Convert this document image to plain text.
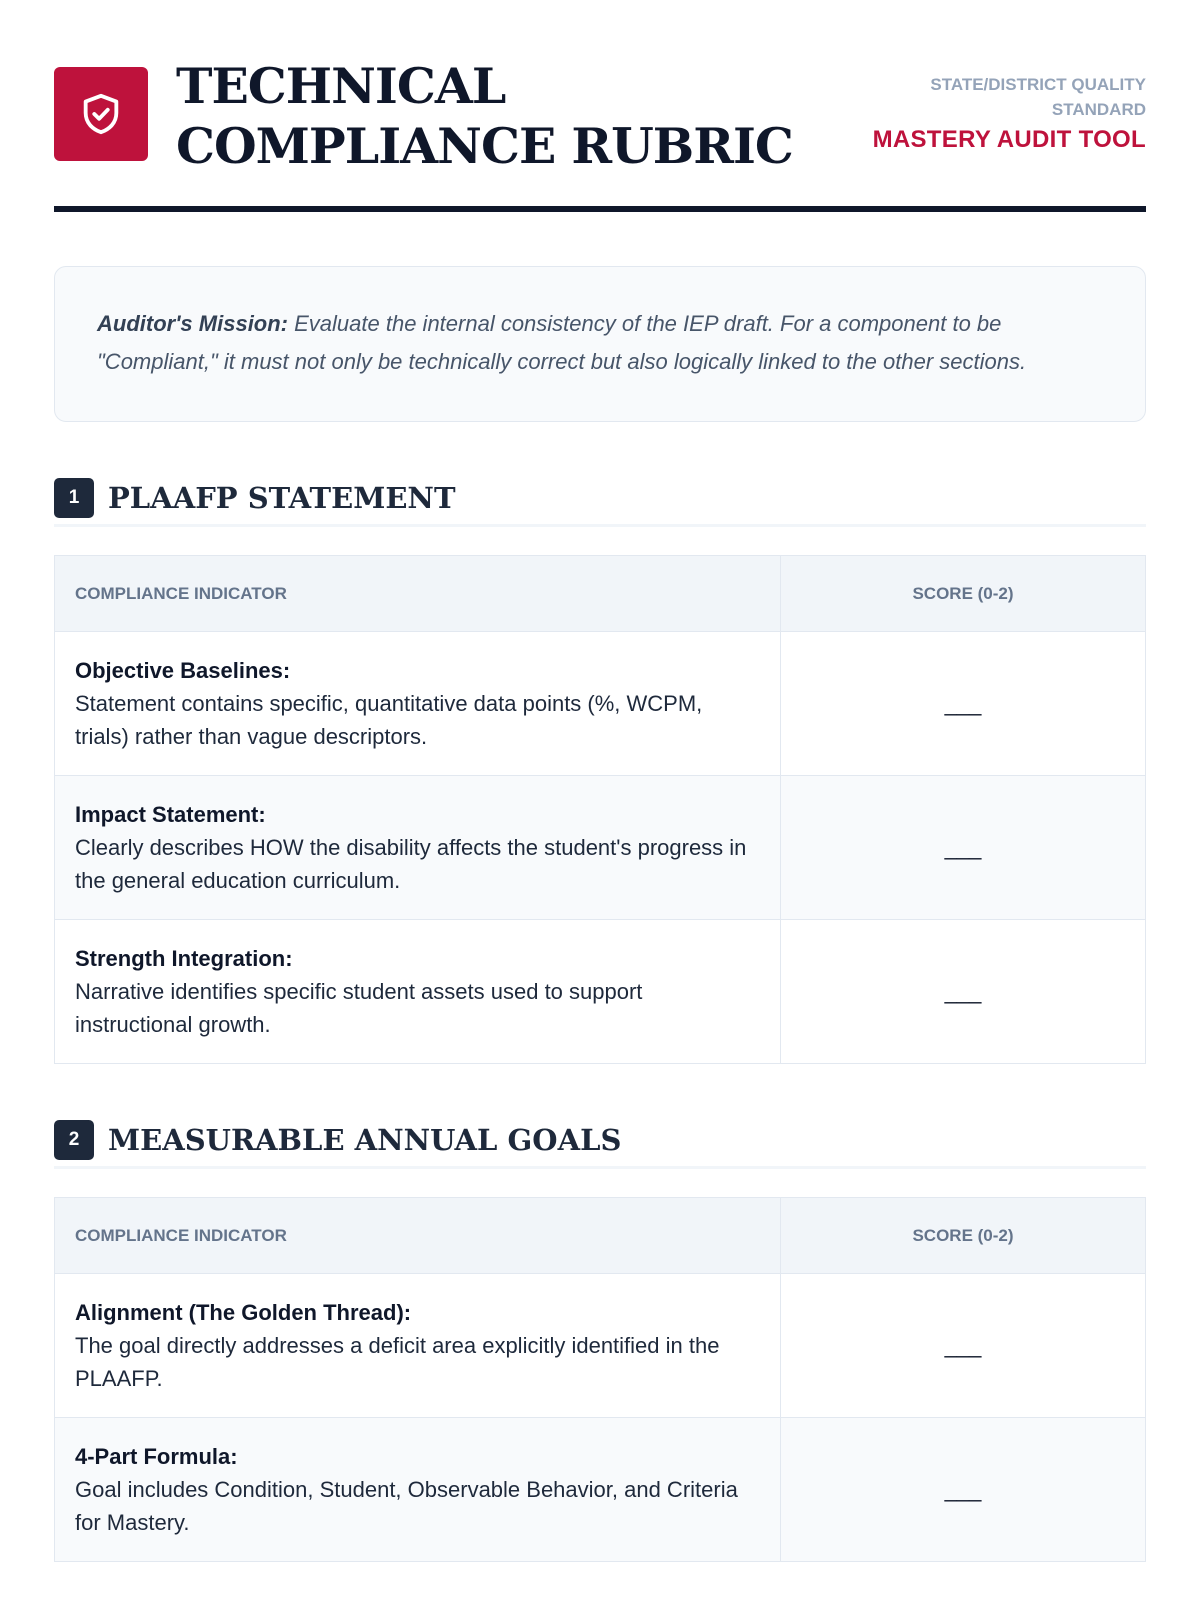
TECHNICAL COMPLIANCE RUBRIC
STATE/DISTRICT QUALITY STANDARD
MASTERY AUDIT TOOL
Auditor's Mission: Evaluate the internal consistency of the IEP draft. For a component to be "Compliant," it must not only be technically correct but also logically linked to the other sections.
1 PLAAFP STATEMENT
COMPLIANCE INDICATOR	SCORE (0-2)

Objective Baselines:
Statement contains specific, quantitative data points (%, WCPM, trials) rather than vague descriptors.	___

Impact Statement:
Clearly describes HOW the disability affects the student's progress in the general education curriculum.	___

Strength Integration:
Narrative identifies specific student assets used to support instructional growth.	___
2 MEASURABLE ANNUAL GOALS
COMPLIANCE INDICATOR	SCORE (0-2)

Alignment (The Golden Thread):
The goal directly addresses a deficit area explicitly identified in the PLAAFP.	___

4-Part Formula:
Goal includes Condition, Student, Observable Behavior, and Criteria for Mastery.	___
